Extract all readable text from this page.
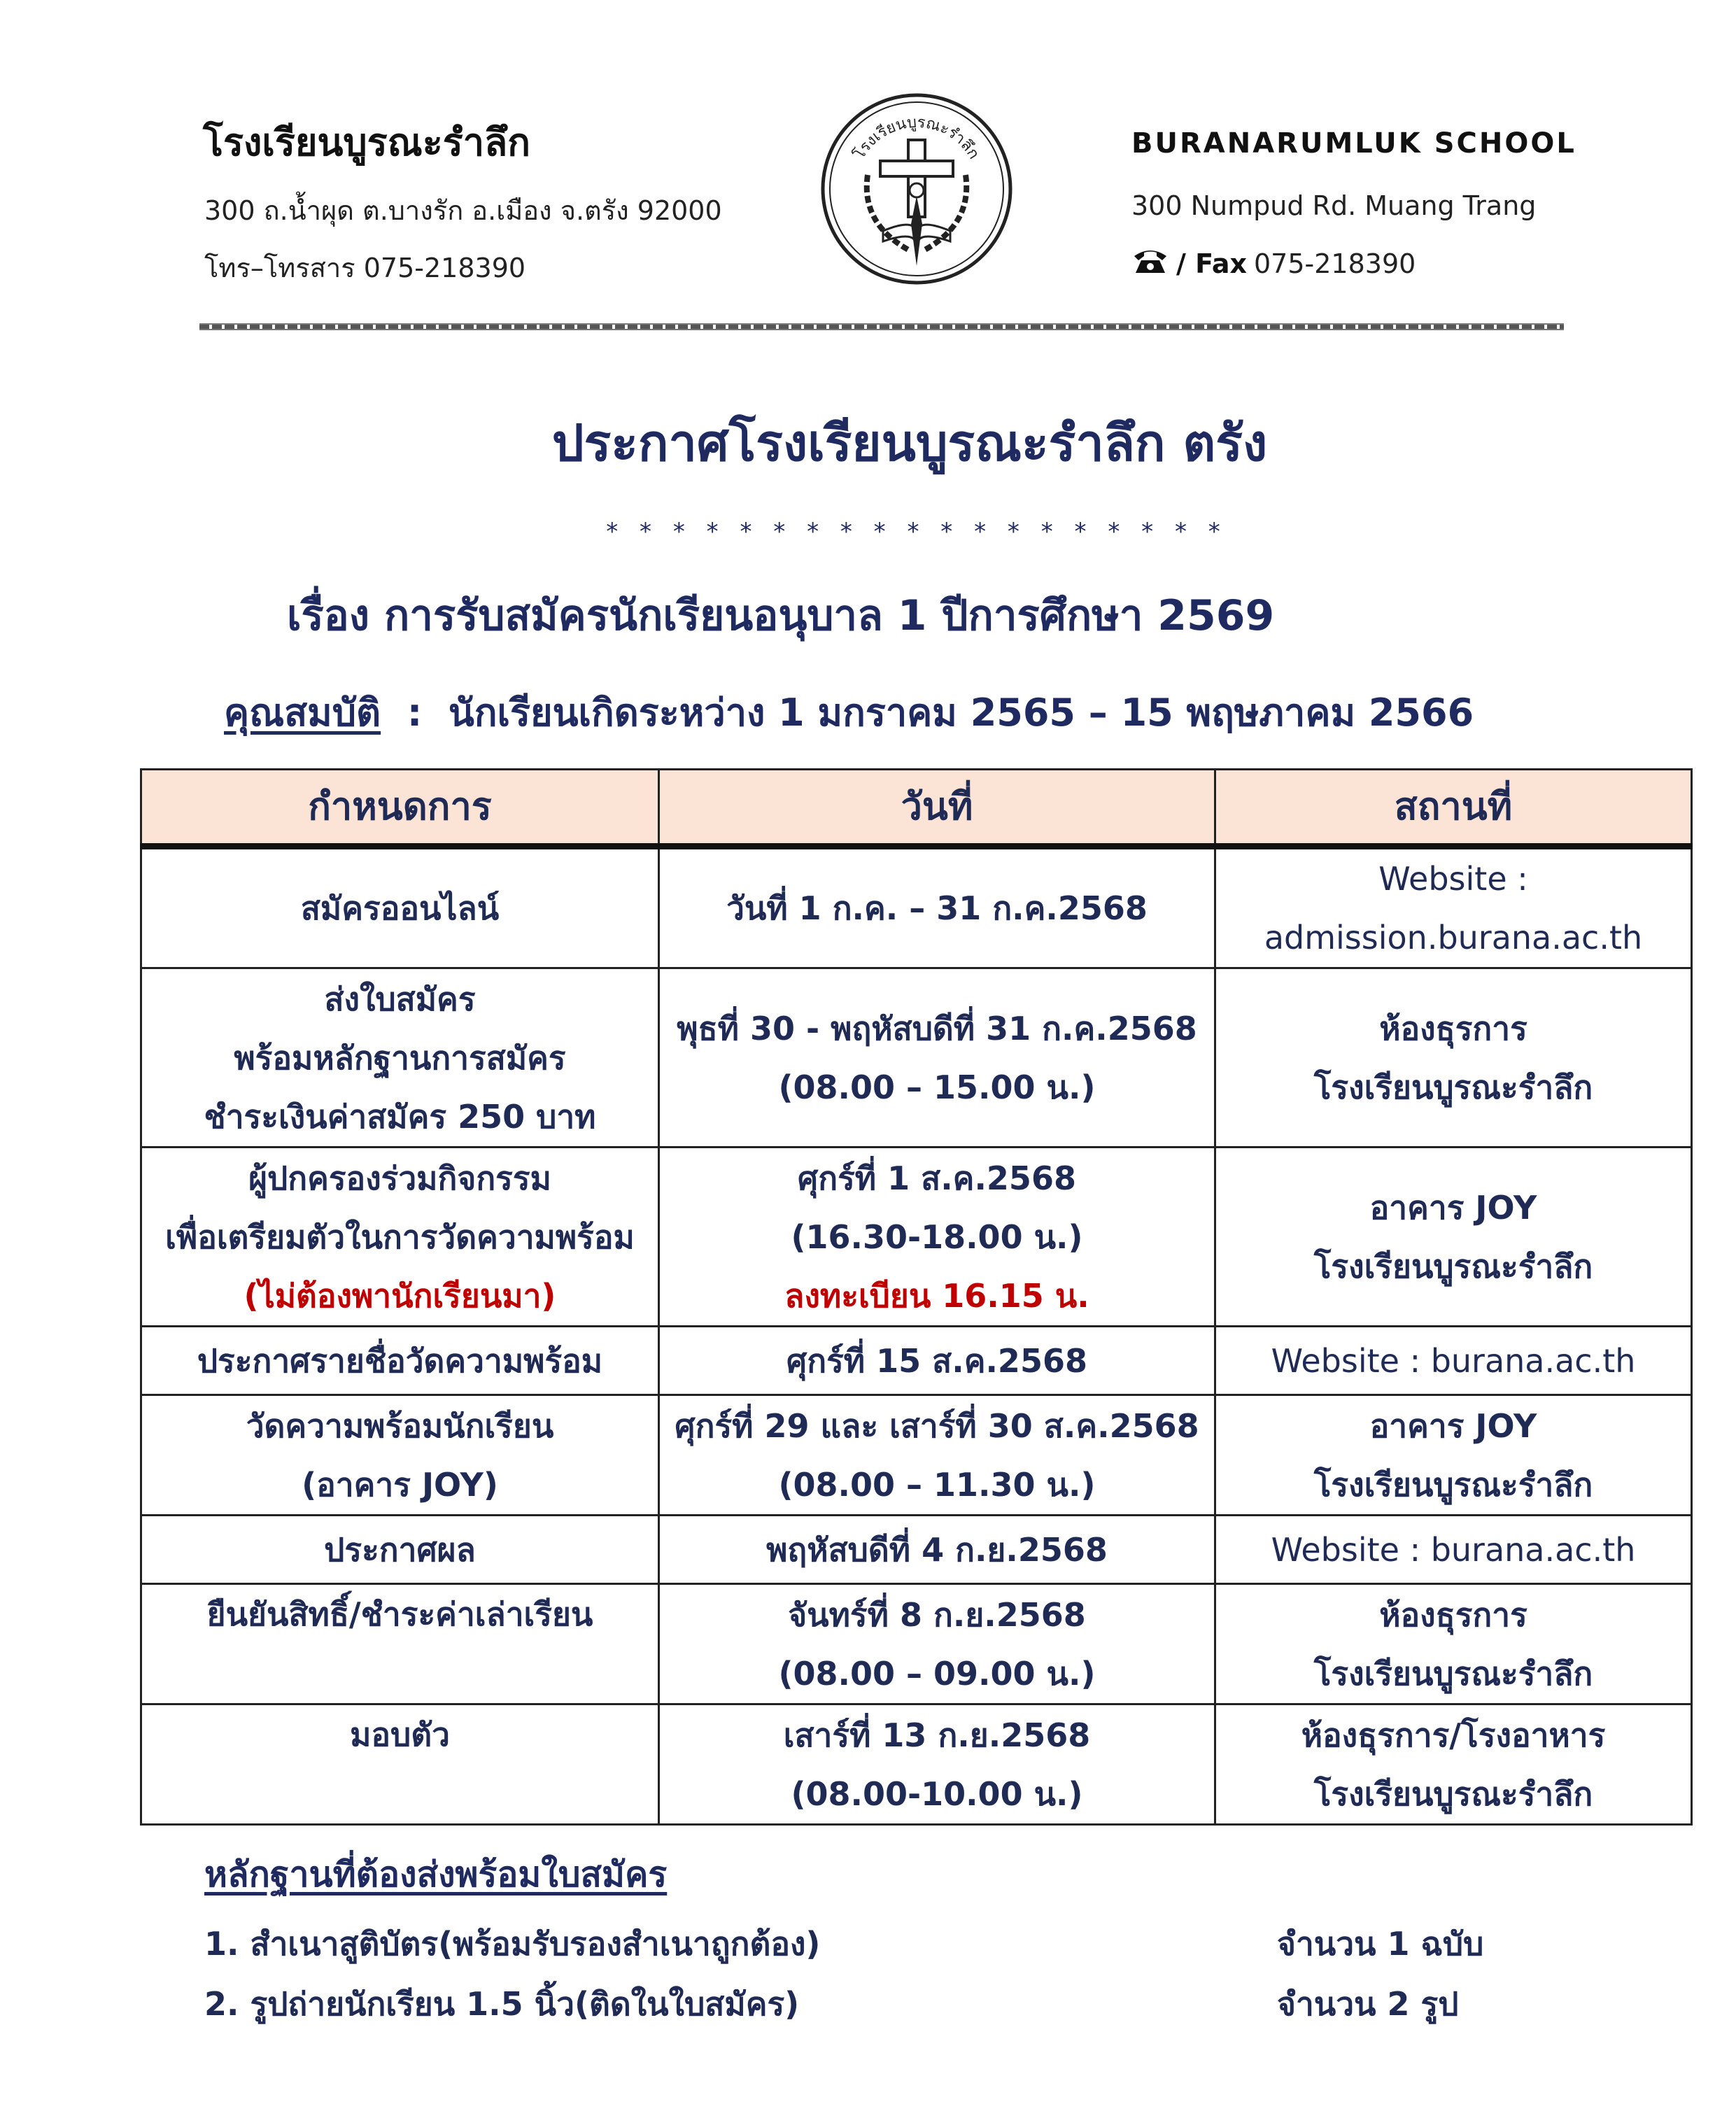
โรงเรียนบูรณะรำลึก
300 ถ.น้ำผุด ต.บางรัก อ.เมือง จ.ตรัง 92000
โทร–โทรสาร 075-218390
โรงเรียนบูรณะรำลึก	BURANARUMLUK SCHOOL
300 Numpud Rd. Muang Trang
/ Fax 075-218390
ประกาศโรงเรียนบูรณะรำลึก ตรัง
* * * * * * * * * * * * * * * * * * *
เรื่อง การรับสมัครนักเรียนอนุบาล 1 ปีการศึกษา 2569
คุณสมบัติ  :  นักเรียนเกิดระหว่าง 1 มกราคม 2565 – 15 พฤษภาคม 2566
กำหนดการ	วันที่	สถานที่

สมัครออนไลน์	วันที่ 1 ก.ค. – 31 ก.ค.2568	Website :
admission.burana.ac.th

ส่งใบสมัคร
พร้อมหลักฐานการสมัคร
ชำระเงินค่าสมัคร 250 บาท	พุธที่ 30 - พฤหัสบดีที่ 31 ก.ค.2568
(08.00 – 15.00 น.)	ห้องธุรการ
โรงเรียนบูรณะรำลึก

ผู้ปกครองร่วมกิจกรรม
เพื่อเตรียมตัวในการวัดความพร้อม
(ไม่ต้องพานักเรียนมา)	ศุกร์ที่ 1 ส.ค.2568
(16.30-18.00 น.)
ลงทะเบียน 16.15 น.	อาคาร JOY
โรงเรียนบูรณะรำลึก

ประกาศรายชื่อวัดความพร้อม	ศุกร์ที่ 15 ส.ค.2568	Website : burana.ac.th

วัดความพร้อมนักเรียน
(อาคาร JOY)	ศุกร์ที่ 29 และ เสาร์ที่ 30 ส.ค.2568
(08.00 – 11.30 น.)	อาคาร JOY
โรงเรียนบูรณะรำลึก

ประกาศผล	พฤหัสบดีที่ 4 ก.ย.2568	Website : burana.ac.th

ยืนยันสิทธิ์/ชำระค่าเล่าเรียน	จันทร์ที่ 8 ก.ย.2568
(08.00 – 09.00 น.)	ห้องธุรการ
โรงเรียนบูรณะรำลึก

มอบตัว	เสาร์ที่ 13 ก.ย.2568
(08.00-10.00 น.)	ห้องธุรการ/โรงอาหาร
โรงเรียนบูรณะรำลึก
หลักฐานที่ต้องส่งพร้อมใบสมัคร
1. สำเนาสูติบัตร(พร้อมรับรองสำเนาถูกต้อง)	จำนวน 1 ฉบับ
2. รูปถ่ายนักเรียน 1.5 นิ้ว(ติดในใบสมัคร)	จำนวน 2 รูป
